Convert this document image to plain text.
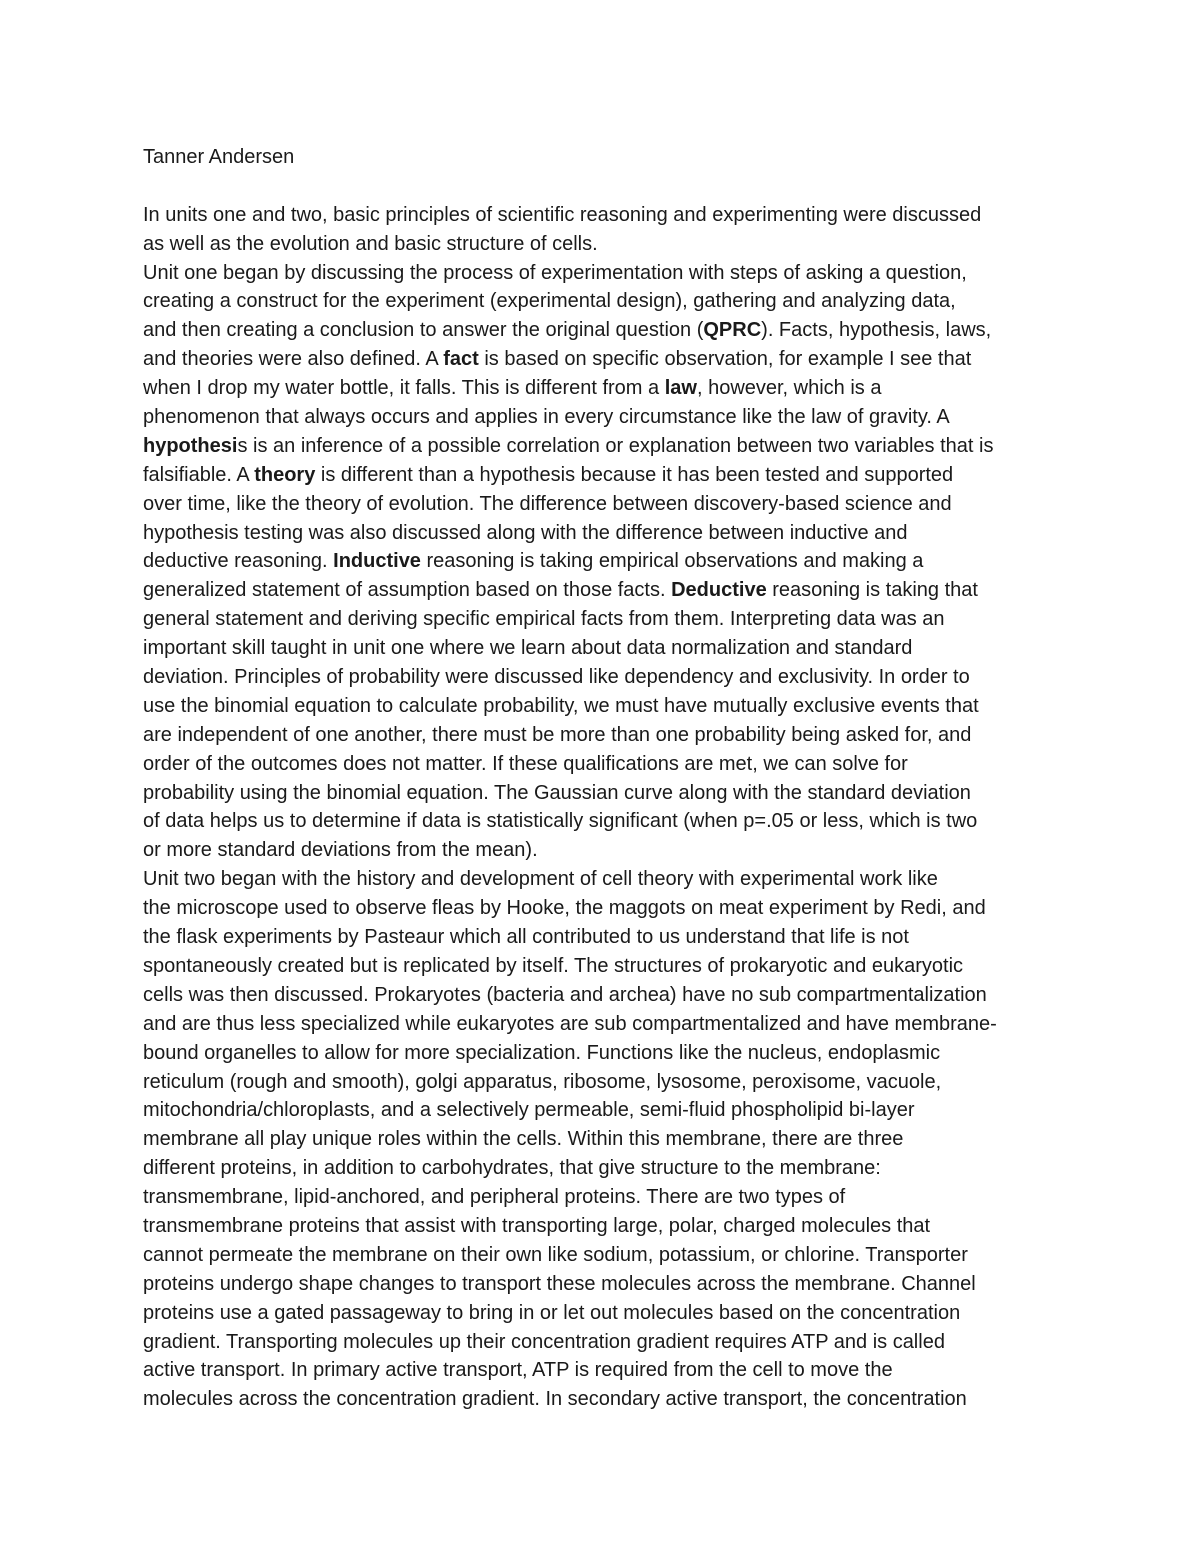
Tanner Andersen
In units one and two, basic principles of scientific reasoning and experimenting were discussed
as well as the evolution and basic structure of cells.
Unit one began by discussing the process of experimentation with steps of asking a question,
creating a construct for the experiment (experimental design), gathering and analyzing data,
and then creating a conclusion to answer the original question (QPRC). Facts, hypothesis, laws,
and theories were also defined. A fact is based on specific observation, for example I see that
when I drop my water bottle, it falls. This is different from a law, however, which is a
phenomenon that always occurs and applies in every circumstance like the law of gravity. A
hypothesis is an inference of a possible correlation or explanation between two variables that is
falsifiable. A theory is different than a hypothesis because it has been tested and supported
over time, like the theory of evolution. The difference between discovery-based science and
hypothesis testing was also discussed along with the difference between inductive and
deductive reasoning. Inductive reasoning is taking empirical observations and making a
generalized statement of assumption based on those facts. Deductive reasoning is taking that
general statement and deriving specific empirical facts from them. Interpreting data was an
important skill taught in unit one where we learn about data normalization and standard
deviation. Principles of probability were discussed like dependency and exclusivity. In order to
use the binomial equation to calculate probability, we must have mutually exclusive events that
are independent of one another, there must be more than one probability being asked for, and
order of the outcomes does not matter. If these qualifications are met, we can solve for
probability using the binomial equation. The Gaussian curve along with the standard deviation
of data helps us to determine if data is statistically significant (when p=.05 or less, which is two
or more standard deviations from the mean).
Unit two began with the history and development of cell theory with experimental work like
the microscope used to observe fleas by Hooke, the maggots on meat experiment by Redi, and
the flask experiments by Pasteaur which all contributed to us understand that life is not
spontaneously created but is replicated by itself. The structures of prokaryotic and eukaryotic
cells was then discussed. Prokaryotes (bacteria and archea) have no sub compartmentalization
and are thus less specialized while eukaryotes are sub compartmentalized and have membrane-
bound organelles to allow for more specialization. Functions like the nucleus, endoplasmic
reticulum (rough and smooth), golgi apparatus, ribosome, lysosome, peroxisome, vacuole,
mitochondria/chloroplasts, and a selectively permeable, semi-fluid phospholipid bi-layer
membrane all play unique roles within the cells. Within this membrane, there are three
different proteins, in addition to carbohydrates, that give structure to the membrane:
transmembrane, lipid-anchored, and peripheral proteins. There are two types of
transmembrane proteins that assist with transporting large, polar, charged molecules that
cannot permeate the membrane on their own like sodium, potassium, or chlorine. Transporter
proteins undergo shape changes to transport these molecules across the membrane. Channel
proteins use a gated passageway to bring in or let out molecules based on the concentration
gradient. Transporting molecules up their concentration gradient requires ATP and is called
active transport. In primary active transport, ATP is required from the cell to move the
molecules across the concentration gradient. In secondary active transport, the concentration
